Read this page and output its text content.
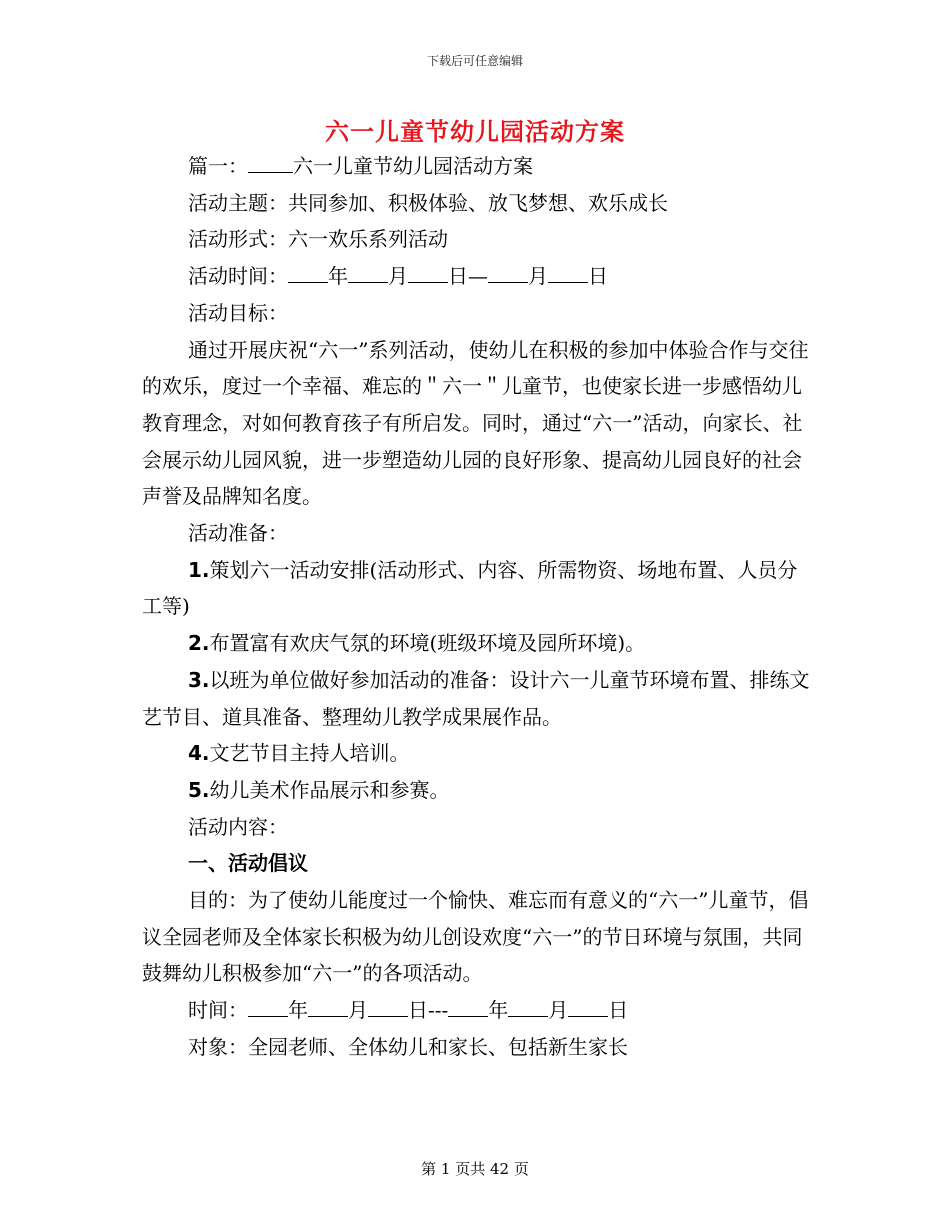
下载后可任意编辑
六一儿童节幼儿园活动方案

篇一： 六一儿童节幼儿园活动方案

活动主题：共同参加、积极体验、放飞梦想、欢乐成长

活动形式：六一欢乐系列活动

活动时间： 年 月 日— 月 日

活动目标：

通过开展庆祝“六一”系列活动，使幼儿在积极的参加中体验合作与交往的欢乐，度过一个幸福、难忘的＂六一＂儿童节，也使家长进一步感悟幼儿教育理念，对如何教育孩子有所启发。同时，通过“六一”活动，向家长、社会展示幼儿园风貌，进一步塑造幼儿园的良好形象、提高幼儿园良好的社会声誉及品牌知名度。

活动准备：

1.策划六一活动安排(活动形式、内容、所需物资、场地布置、人员分工等)

2.布置富有欢庆气氛的环境(班级环境及园所环境)。

3.以班为单位做好参加活动的准备：设计六一儿童节环境布置、排练文艺节目、道具准备、整理幼儿教学成果展作品。

4.文艺节目主持人培训。

5.幼儿美术作品展示和参赛。

活动内容：

一、活动倡议

目的：为了使幼儿能度过一个愉快、难忘而有意义的“六一”儿童节，倡议全园老师及全体家长积极为幼儿创设欢度“六一”的节日环境与氛围，共同鼓舞幼儿积极参加“六一”的各项活动。

时间： 年 月 日--- 年 月 日

对象：全园老师、全体幼儿和家长、包括新生家长

第 1 页共 42 页
